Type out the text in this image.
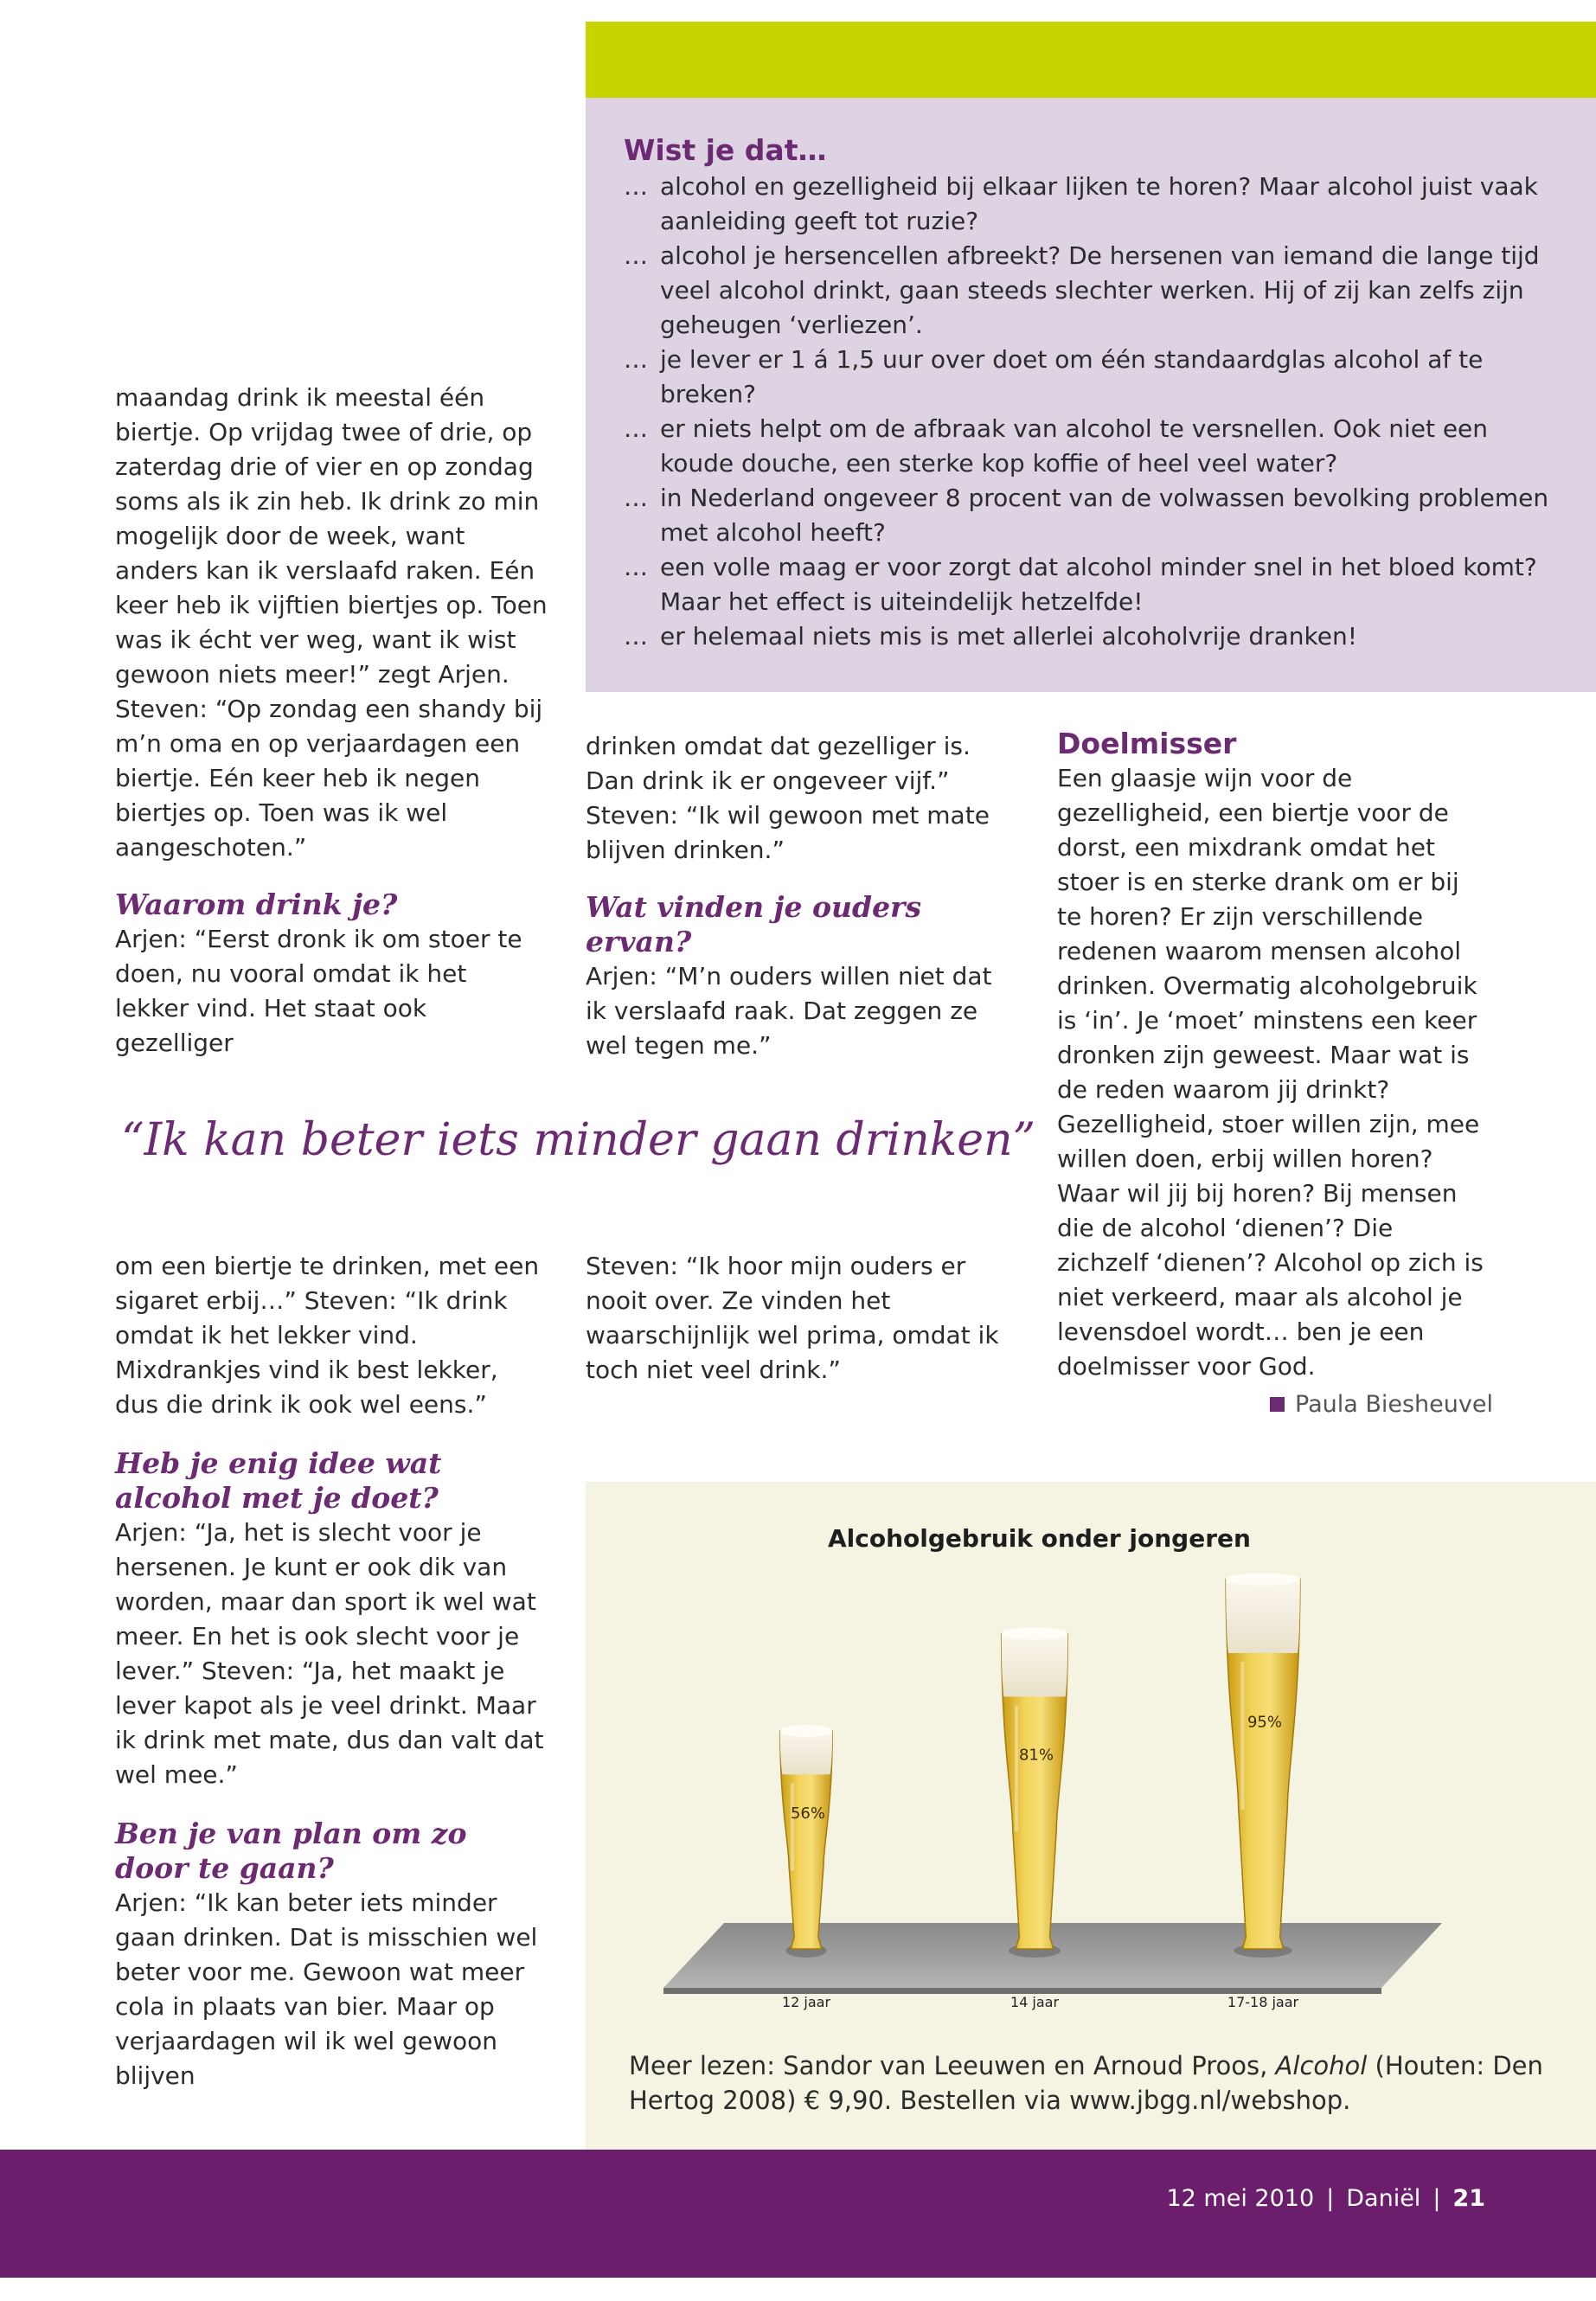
Wist je dat…
… alcohol en gezelligheid bij elkaar lijken te horen? Maar alcohol juist vaak aanleiding geeft tot ruzie?
… alcohol je hersencellen afbreekt? De hersenen van iemand die lange tijd veel alcohol drinkt, gaan steeds slechter werken. Hij of zij kan zelfs zijn geheugen ‘verliezen’.
… je lever er 1 á 1,5 uur over doet om één standaardglas alcohol af te breken?
… er niets helpt om de afbraak van alcohol te versnellen. Ook niet een koude douche, een sterke kop koffie of heel veel water?
… in Nederland ongeveer 8 procent van de volwassen bevolking problemen met alcohol heeft?
… een volle maag er voor zorgt dat alcohol minder snel in het bloed komt? Maar het effect is uiteindelijk hetzelfde!
… er helemaal niets mis is met allerlei alcoholvrije dranken!

maandag drink ik meestal één biertje. Op vrijdag twee of drie, op zaterdag drie of vier en op zondag soms als ik zin heb. Ik drink zo min mogelijk door de week, want anders kan ik verslaafd raken. Eén keer heb ik vijftien biertjes op. Toen was ik écht ver weg, want ik wist gewoon niets meer!” zegt Arjen. Steven: “Op zondag een shandy bij m’n oma en op verjaardagen een biertje. Eén keer heb ik negen biertjes op. Toen was ik wel aangeschoten.”

Waarom drink je?

Arjen: “Eerst dronk ik om stoer te doen, nu vooral omdat ik het lekker vind. Het staat ook gezelliger

drinken omdat dat gezelliger is. Dan drink ik er ongeveer vijf.” Steven: “Ik wil gewoon met mate blijven drinken.”

Wat vinden je ouders ervan?

Arjen: “M’n ouders willen niet dat ik verslaafd raak. Dat zeggen ze wel tegen me.”

“Ik kan beter iets minder gaan drinken”

om een biertje te drinken, met een sigaret erbij…” Steven: “Ik drink omdat ik het lekker vind. Mixdrankjes vind ik best lekker, dus die drink ik ook wel eens.”

Heb je enig idee wat alcohol met je doet?

Arjen: “Ja, het is slecht voor je hersenen. Je kunt er ook dik van worden, maar dan sport ik wel wat meer. En het is ook slecht voor je lever.” Steven: “Ja, het maakt je lever kapot als je veel drinkt. Maar ik drink met mate, dus dan valt dat wel mee.”

Ben je van plan om zo door te gaan?

Arjen: “Ik kan beter iets minder gaan drinken. Dat is misschien wel beter voor me. Gewoon wat meer cola in plaats van bier. Maar op verjaardagen wil ik wel gewoon blijven

Steven: “Ik hoor mijn ouders er nooit over. Ze vinden het waarschijnlijk wel prima, omdat ik toch niet veel drink.”

Doelmisser

Een glaasje wijn voor de gezelligheid, een biertje voor de dorst, een mixdrank omdat het stoer is en sterke drank om er bij te horen? Er zijn verschillende redenen waarom mensen alcohol drinken. Overmatig alcoholgebruik is ‘in’. Je ‘moet’ minstens een keer dronken zijn geweest. Maar wat is de reden waarom jij drinkt? Gezelligheid, stoer willen zijn, mee willen doen, erbij willen horen? Waar wil jij bij horen? Bij mensen die de alcohol ‘dienen’? Die zichzelf ‘dienen’? Alcohol op zich is niet verkeerd, maar als alcohol je levensdoel wordt… ben je een doelmisser voor God.

Paula Biesheuvel
Alcoholgebruik onder jongeren
56%
81%
95%
12 jaar	14 jaar	17-18 jaar
Meer lezen: Sandor van Leeuwen en Arnoud Proos, Alcohol (Houten: Den Hertog 2008) € 9,90. Bestellen via www.jbgg.nl/webshop.
12 mei 2010 | Daniël | 21
